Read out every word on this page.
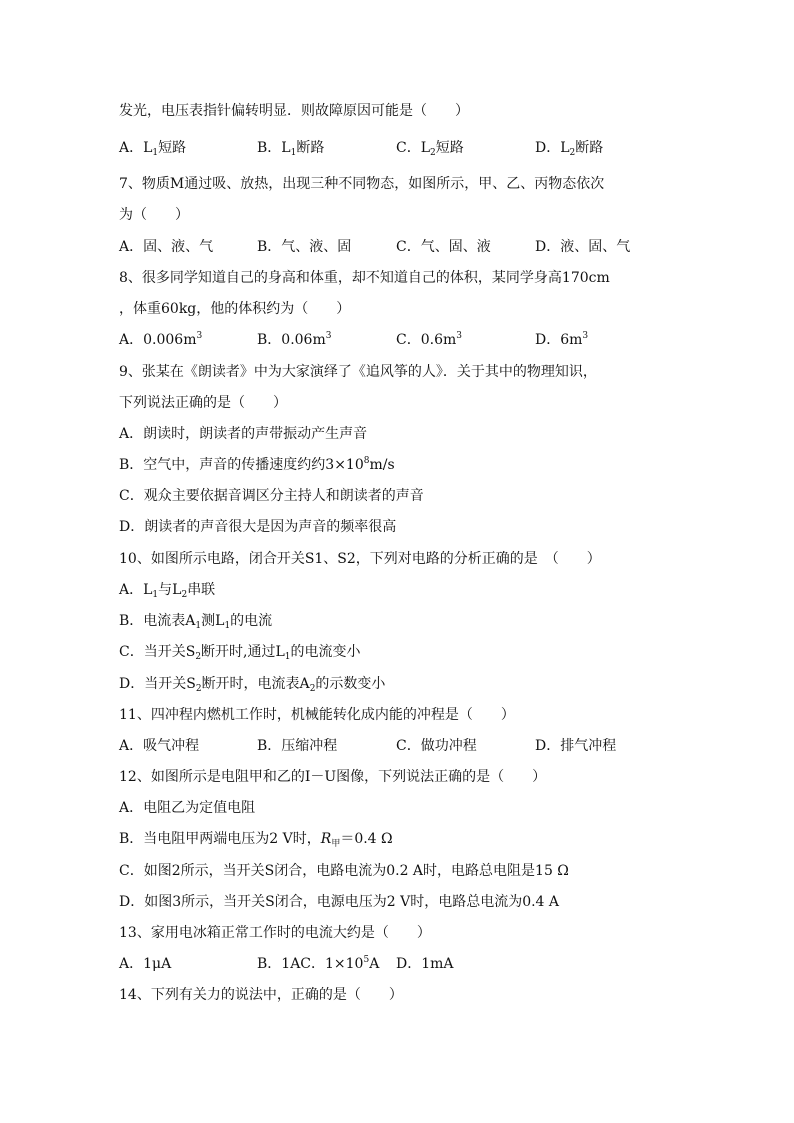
发光，电压表指针偏转明显．则故障原因可能是（　　）
A．$L_1$短路	B．$L_1$断路	C．$L_2$短路	D．$L_2$断路
7、物质M通过吸、放热，出现三种不同物态，如图所示，甲、乙、丙物态依次
为（　　）
A．固、液、气	B．气、液、固	C．气、固、液	D．液、固、气
8、很多同学知道自己的身高和体重，却不知道自己的体积，某同学身高170cm
，体重60kg，他的体积约为（　　）
A．$0.006m^3$	B．$0.06m^3$	C．$0.6m^3$	D．$6m^3$
9、张某在《朗读者》中为大家演绎了《追风筝的人》．关于其中的物理知识，
下列说法正确的是（　　）
A．朗读时，朗读者的声带振动产生声音
B．空气中，声音的传播速度约约$3\times 10^8m/s$
C．观众主要依据音调区分主持人和朗读者的声音
D．朗读者的声音很大是因为声音的频率很高
10、如图所示电路，闭合开关S1、S2，下列对电路的分析正确的是　（　　）
A．$L_1$与$L_2$串联
B．电流表$A_1$测$L_1$的电流
C．当开关$S_2$断开时,通过$L_1$的电流变小
D．当开关$S_2$断开时，电流表$A_2$的示数变小
11、四冲程内燃机工作时，机械能转化成内能的冲程是（　　）
A．吸气冲程	B．压缩冲程	C．做功冲程	D．排气冲程
12、如图所示是电阻甲和乙的I－U图像，下列说法正确的是（　　）
A．电阻乙为定值电阻
B．当电阻甲两端电压为2 V时，$R_甲=0.4$ Ω
C．如图2所示，当开关S闭合，电路电流为0.2 A时，电路总电阻是15 Ω
D．如图3所示，当开关S闭合，电源电压为2 V时，电路总电流为0.4 A
13、家用电冰箱正常工作时的电流大约是（　　）
A．1μA	B．1AC．$1\times 10^5A$ D．1mA
14、下列有关力的说法中，正确的是（　　）
